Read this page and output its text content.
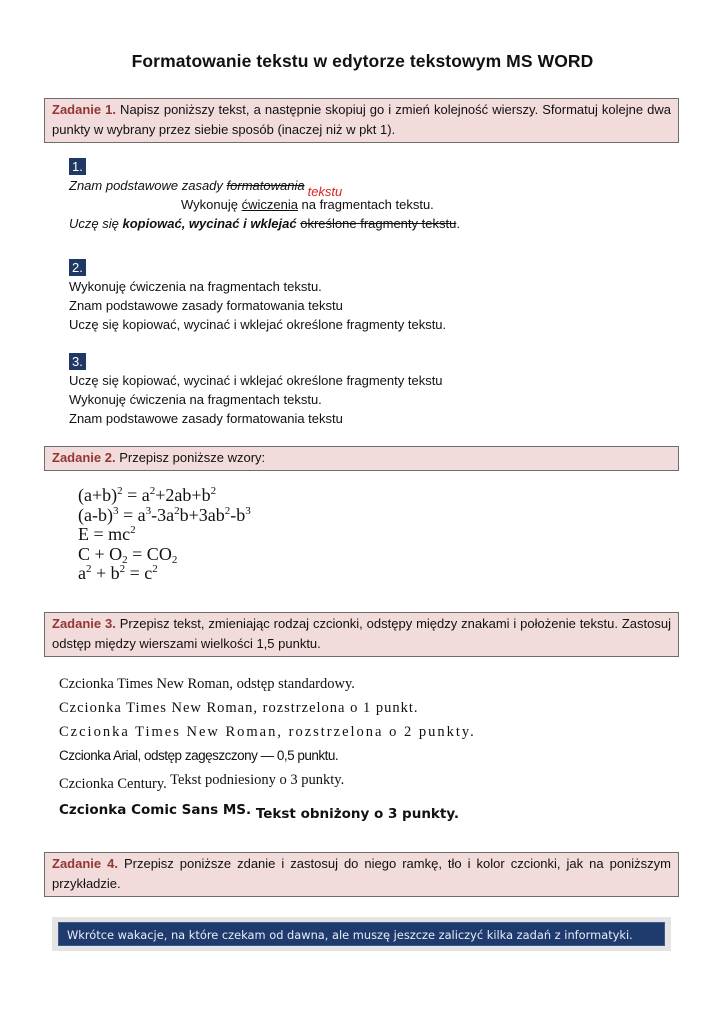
Formatowanie tekstu w edytorze tekstowym MS WORD
Zadanie 1. Napisz poniższy tekst, a następnie skopiuj go i zmień kolejność wierszy. Sformatuj kolejne dwa punkty w wybrany przez siebie sposób (inaczej niż w pkt 1).
1.
Znam podstawowe zasady formatowania tekstu
Wykonuję ćwiczenia na fragmentach tekstu.
Uczę się kopiować, wycinać i wklejać określone fragmenty tekstu.
2.
Wykonuję ćwiczenia na fragmentach tekstu.
Znam podstawowe zasady formatowania tekstu
Uczę się kopiować, wycinać i wklejać określone fragmenty tekstu.
3.
Uczę się kopiować, wycinać i wklejać określone fragmenty tekstu
Wykonuję ćwiczenia na fragmentach tekstu.
Znam podstawowe zasady formatowania tekstu
Zadanie 2. Przepisz poniższe wzory:
$(a+b)^2 = a^2+2ab+b^2$
$(a-b)^3 = a^3-3a^2b+3ab^2-b^3$
$E = mc^2$
$C + O_2 = CO_2$
$a^2 + b^2 = c^2$
Zadanie 3. Przepisz tekst, zmieniając rodzaj czcionki, odstępy między znakami i położenie tekstu. Zastosuj odstęp między wierszami wielkości 1,5 punktu.
Czcionka Times New Roman, odstęp standardowy.
Czcionka Times New Roman, rozstrzelona o 1 punkt.
Czcionka Times New Roman, rozstrzelona o 2 punkty.
Czcionka Arial, odstęp zagęszczony — 0,5 punktu.
Czcionka Century. Tekst podniesiony o 3 punkty.
Czcionka Comic Sans MS. Tekst obniżony o 3 punkty.
Zadanie 4. Przepisz poniższe zdanie i zastosuj do niego ramkę, tło i kolor czcionki, jak na poniższym przykładzie.
Wkrótce wakacje, na które czekam od dawna, ale muszę jeszcze zaliczyć kilka zadań z informatyki.
